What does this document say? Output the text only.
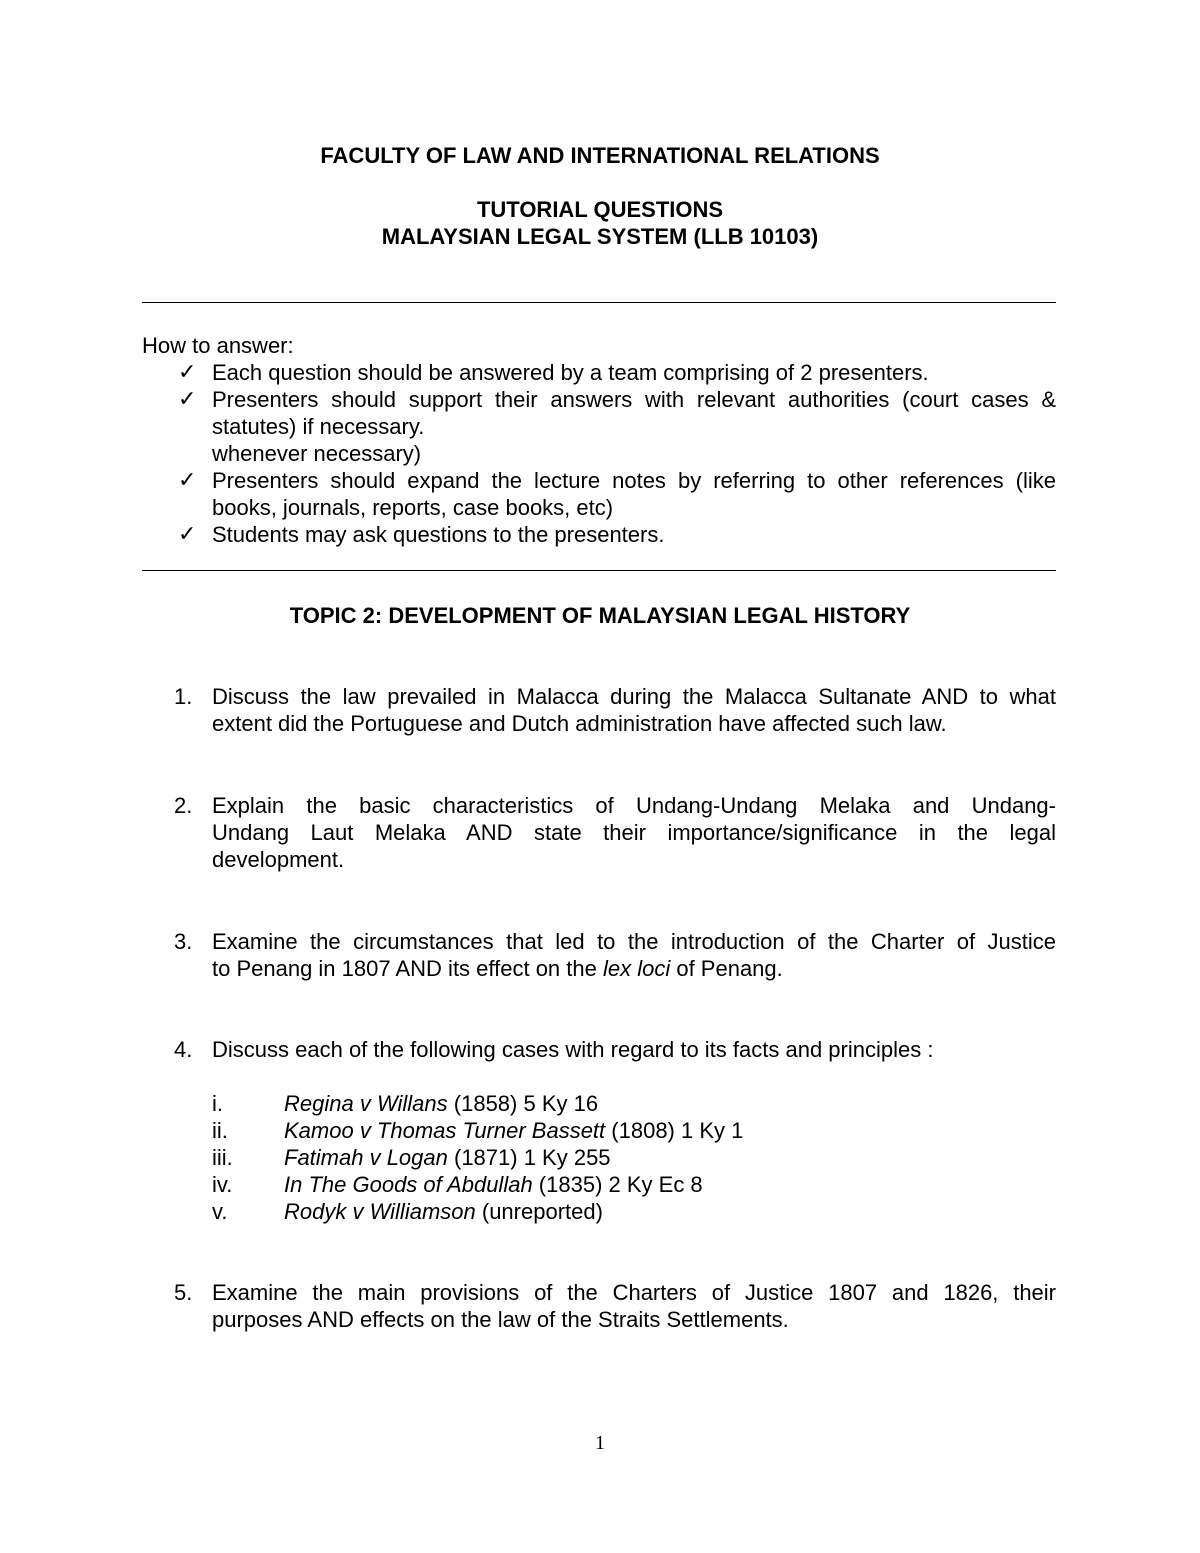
FACULTY OF LAW AND INTERNATIONAL RELATIONS
TUTORIAL QUESTIONS
MALAYSIAN LEGAL SYSTEM (LLB 10103)
How to answer:
✓ Each question should be answered by a team comprising of 2 presenters.
✓ Presenters should support their answers with relevant authorities (court cases &
statutes) if necessary.
whenever necessary)
✓ Presenters should expand the lecture notes by referring to other references (like
books, journals, reports, case books, etc)
✓ Students may ask questions to the presenters.
TOPIC 2: DEVELOPMENT OF MALAYSIAN LEGAL HISTORY
1. Discuss the law prevailed in Malacca during the Malacca Sultanate AND to what
extent did the Portuguese and Dutch administration have affected such law.
2. Explain the basic characteristics of Undang-Undang Melaka and Undang-
Undang Laut Melaka AND state their importance/significance in the legal
development.
3. Examine the circumstances that led to the introduction of the Charter of Justice
to Penang in 1807 AND its effect on the lex loci of Penang.
4. Discuss each of the following cases with regard to its facts and principles :
i.	Regina v Willans (1858) 5 Ky 16
ii.	Kamoo v Thomas Turner Bassett (1808) 1 Ky 1
iii. Fatimah v Logan (1871) 1 Ky 255
iv. In The Goods of Abdullah (1835) 2 Ky Ec 8
v.	Rodyk v Williamson (unreported)
5. Examine the main provisions of the Charters of Justice 1807 and 1826, their
purposes AND effects on the law of the Straits Settlements.
1
